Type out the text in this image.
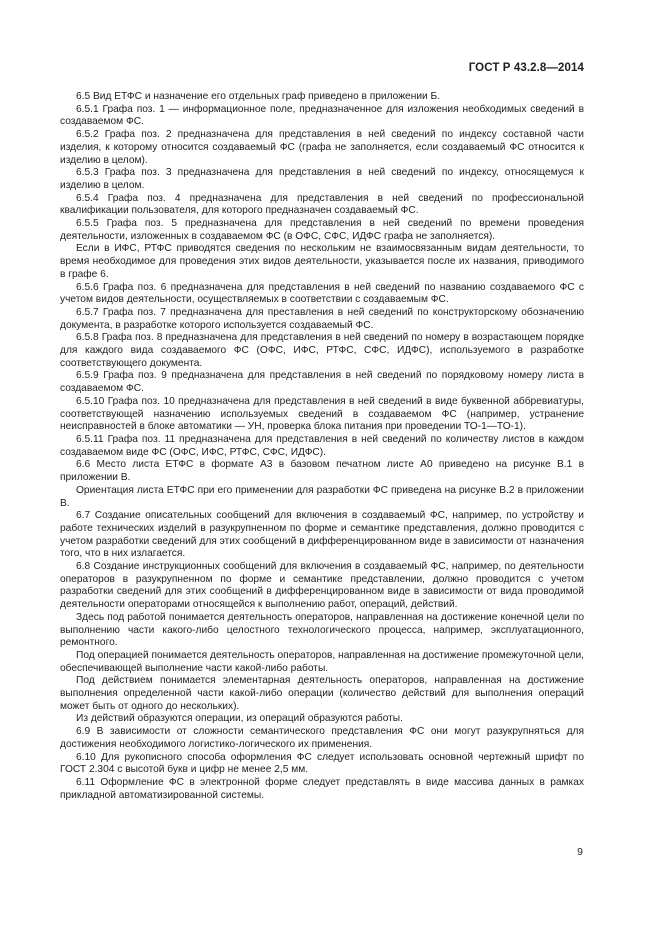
ГОСТ Р 43.2.8—2014

6.5 Вид ЕТФС и назначение его отдельных граф приведено в приложении Б.

6.5.1 Графа поз. 1 — информационное поле, предназначенное для изложения необходимых сведений в создаваемом ФС.

6.5.2 Графа поз. 2 предназначена для представления в ней сведений по индексу составной части изделия, к которому относится создаваемый ФС (графа не заполняется, если создаваемый ФС относится к изделию в целом).

6.5.3 Графа поз. 3 предназначена для представления в ней сведений по индексу, относящемуся к изделию в целом.

6.5.4 Графа поз. 4 предназначена для представления в ней сведений по профессиональной квалификации пользователя, для которого предназначен создаваемый ФС.

6.5.5 Графа поз. 5 предназначена для представления в ней сведений по времени проведения деятельности, изложенных в создаваемом ФС (в ОФС, СФС, ИДФС графа не заполняется).

Если в ИФС, РТФС приводятся сведения по нескольким не взаимосвязанным видам деятельности, то время необходимое для проведения этих видов деятельности, указывается после их названия, приводимого в графе 6.

6.5.6 Графа поз. 6 предназначена для представления в ней сведений по названию создаваемого ФС с учетом видов деятельности, осуществляемых в соответствии с создаваемым ФС.

6.5.7 Графа поз. 7 предназначена для преставления в ней сведений по конструкторскому обозначению документа, в разработке которого используется создаваемый ФС.

6.5.8 Графа поз. 8 предназначена для представления в ней сведений по номеру в возрастающем порядке для каждого вида создаваемого ФС (ОФС, ИФС, РТФС, СФС, ИДФС), используемого в разработке соответствующего документа.

6.5.9 Графа поз. 9 предназначена для представления в ней сведений по порядковому номеру листа в создаваемом ФС.

6.5.10 Графа поз. 10 предназначена для представления в ней сведений в виде буквенной аббревиатуры, соответствующей назначению используемых сведений в создаваемом ФС (например, устранение неисправностей в блоке автоматики — УН, проверка блока питания при проведении ТО-1—ТО-1).

6.5.11 Графа поз. 11 предназначена для представления в ней сведений по количеству листов в каждом создаваемом виде ФС (ОФС, ИФС, РТФС, СФС, ИДФС).

6.6 Место листа ЕТФС в формате А3 в базовом печатном листе А0 приведено на рисунке В.1 в приложении В.

Ориентация листа ЕТФС при его применении для разработки ФС приведена на рисунке В.2 в приложении В.

6.7 Создание описательных сообщений для включения в создаваемый ФС, например, по устройству и работе технических изделий в разукрупненном по форме и семантике представления, должно проводится с учетом разработки сведений для этих сообщений в дифференцированном виде в зависимости от назначения того, что в них излагается.

6.8 Создание инструкционных сообщений для включения в создаваемый ФС, например, по деятельности операторов в разукрупненном по форме и семантике представлении, должно проводится с учетом разработки сведений для этих сообщений в дифференцированном виде в зависимости от вида проводимой деятельности операторами относящейся к выполнению работ, операций, действий.

Здесь под работой понимается деятельность операторов, направленная на достижение конечной цели по выполнению части какого-либо целостного технологического процесса, например, эксплуатационного, ремонтного.

Под операцией понимается деятельность операторов, направленная на достижение промежуточной цели, обеспечивающей выполнение части какой-либо работы.

Под действием понимается элементарная деятельность операторов, направленная на достижение выполнения определенной части какой-либо операции (количество действий для выполнения операций может быть от одного до нескольких).

Из действий образуются операции, из операций образуются работы.

6.9 В зависимости от сложности семантического представления ФС они могут разукрупняться для достижения необходимого логистико-логического их применения.

6.10 Для рукописного способа оформления ФС следует использовать основной чертежный шрифт по ГОСТ 2.304 с высотой букв и цифр не менее 2,5 мм.

6.11 Оформление ФС в электронной форме следует представлять в виде массива данных в рамках прикладной автоматизированной системы.

9
